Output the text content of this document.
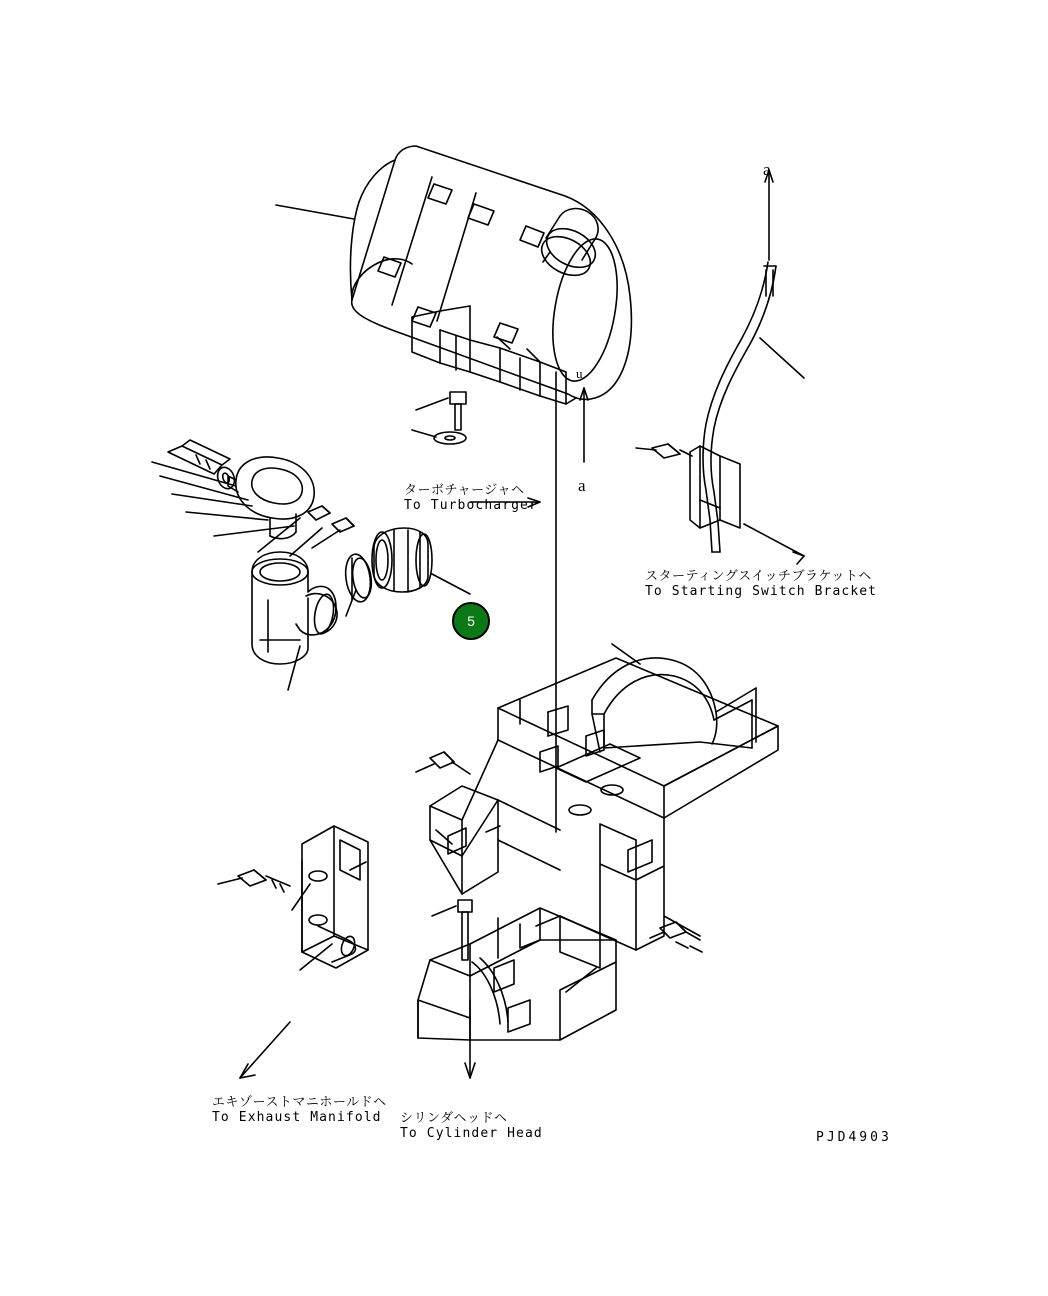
a
a
u
5
ターボチャージャヘ
To Turbocharger
スターティングスイッチブラケットヘ
To Starting Switch Bracket
エキゾーストマニホールドヘ
To Exhaust Manifold	シリンダヘッドヘ
To Cylinder Head	PJD4903
